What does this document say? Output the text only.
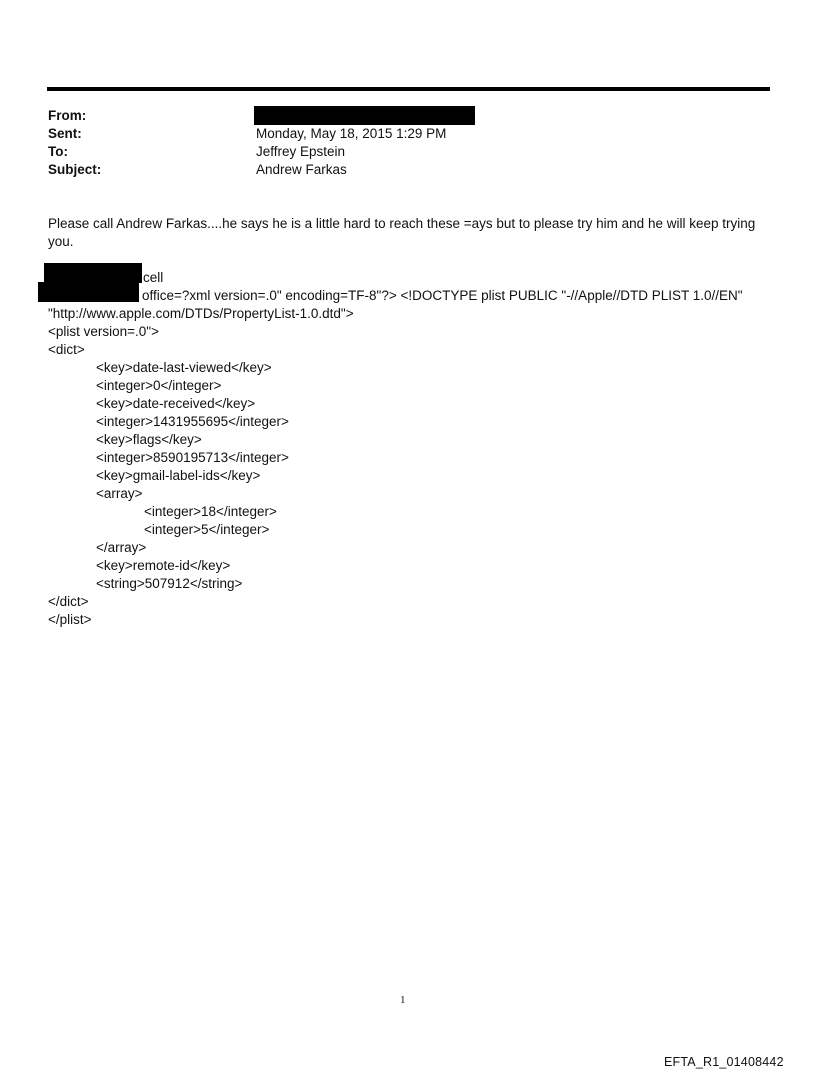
From:
Sent:	Monday, May 18, 2015 1:29 PM
To:	Jeffrey Epstein
Subject:	Andrew Farkas
Please call Andrew Farkas....he says he is a little hard to reach these =ays but to please try him and he will keep trying you.
cell
office=?xml version=.0" encoding=TF-8"?> <!DOCTYPE plist PUBLIC "-//Apple//DTD PLIST 1.0//EN"
"http://www.apple.com/DTDs/PropertyList-1.0.dtd">
<plist version=.0">
<dict>
<key>date-last-viewed</key>
<integer>0</integer>
<key>date-received</key>
<integer>1431955695</integer>
<key>flags</key>
<integer>8590195713</integer>
<key>gmail-label-ids</key>
<array>
<integer>18</integer>
<integer>5</integer>
</array>
<key>remote-id</key>
<string>507912</string>
</dict>
</plist>
1
EFTA_R1_01408442
